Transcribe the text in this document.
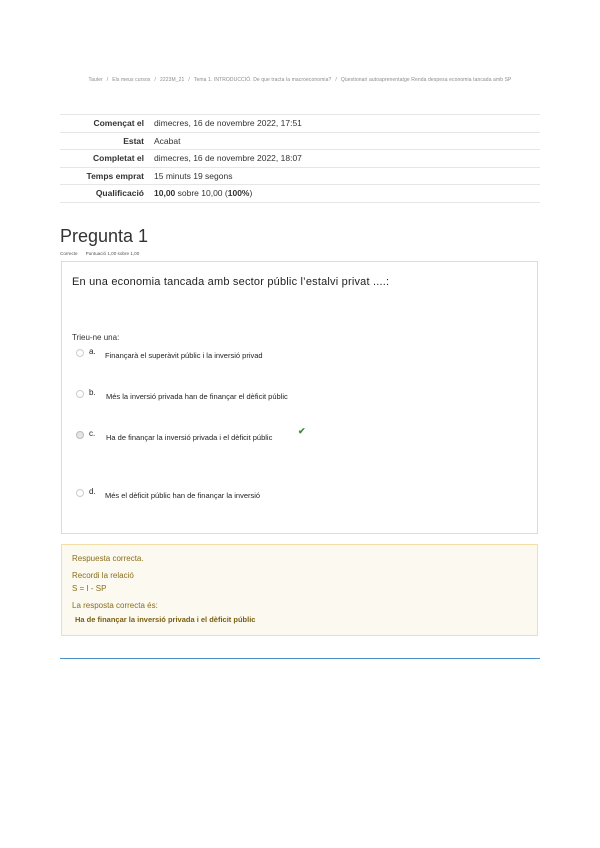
Tauler / Els meus cursos / 2223M_21 / Tema 1. INTRODUCCIÓ. De que tracta la macroeconomia? / Qüestionari autoaprenentatge Renda despesa economia tancada amb SP
Començat el	dimecres, 16 de novembre 2022, 17:51
Estat	Acabat
Completat el	dimecres, 16 de novembre 2022, 18:07
Temps emprat	15 minuts 19 segons
Qualificació	10,00 sobre 10,00 (100%)
Pregunta 1
Correcte Puntuació 1,00 sobre 1,00
En una economia tancada amb sector públic l’estalvi privat ....:
Trieu-ne una:
a. Finançarà el superàvit públic i la inversió privad
b. Més la inversió privada han de finançar el dèficit públic
c. Ha de finançar la inversió privada i el dèficit públic
✔
d. Més el dèficit públic han de finançar la inversió
Respuesta correcta.
Recordi la relació
S = I - SP
La resposta correcta és:
Ha de finançar la inversió privada i el dèficit públic
